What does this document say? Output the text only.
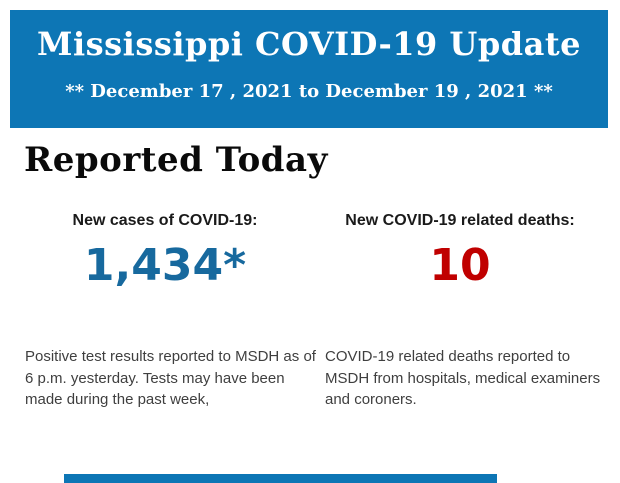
Mississippi COVID-19 Update
** December 17 , 2021 to December 19 , 2021 **
Reported Today
New cases of COVID-19:	New COVID-19 related deaths:
1,434*	10
Positive test results reported to MSDH as of 6 p.m. yesterday. Tests may have been made during the past week,
COVID-19 related deaths reported to MSDH from hospitals, medical examiners and coroners.
